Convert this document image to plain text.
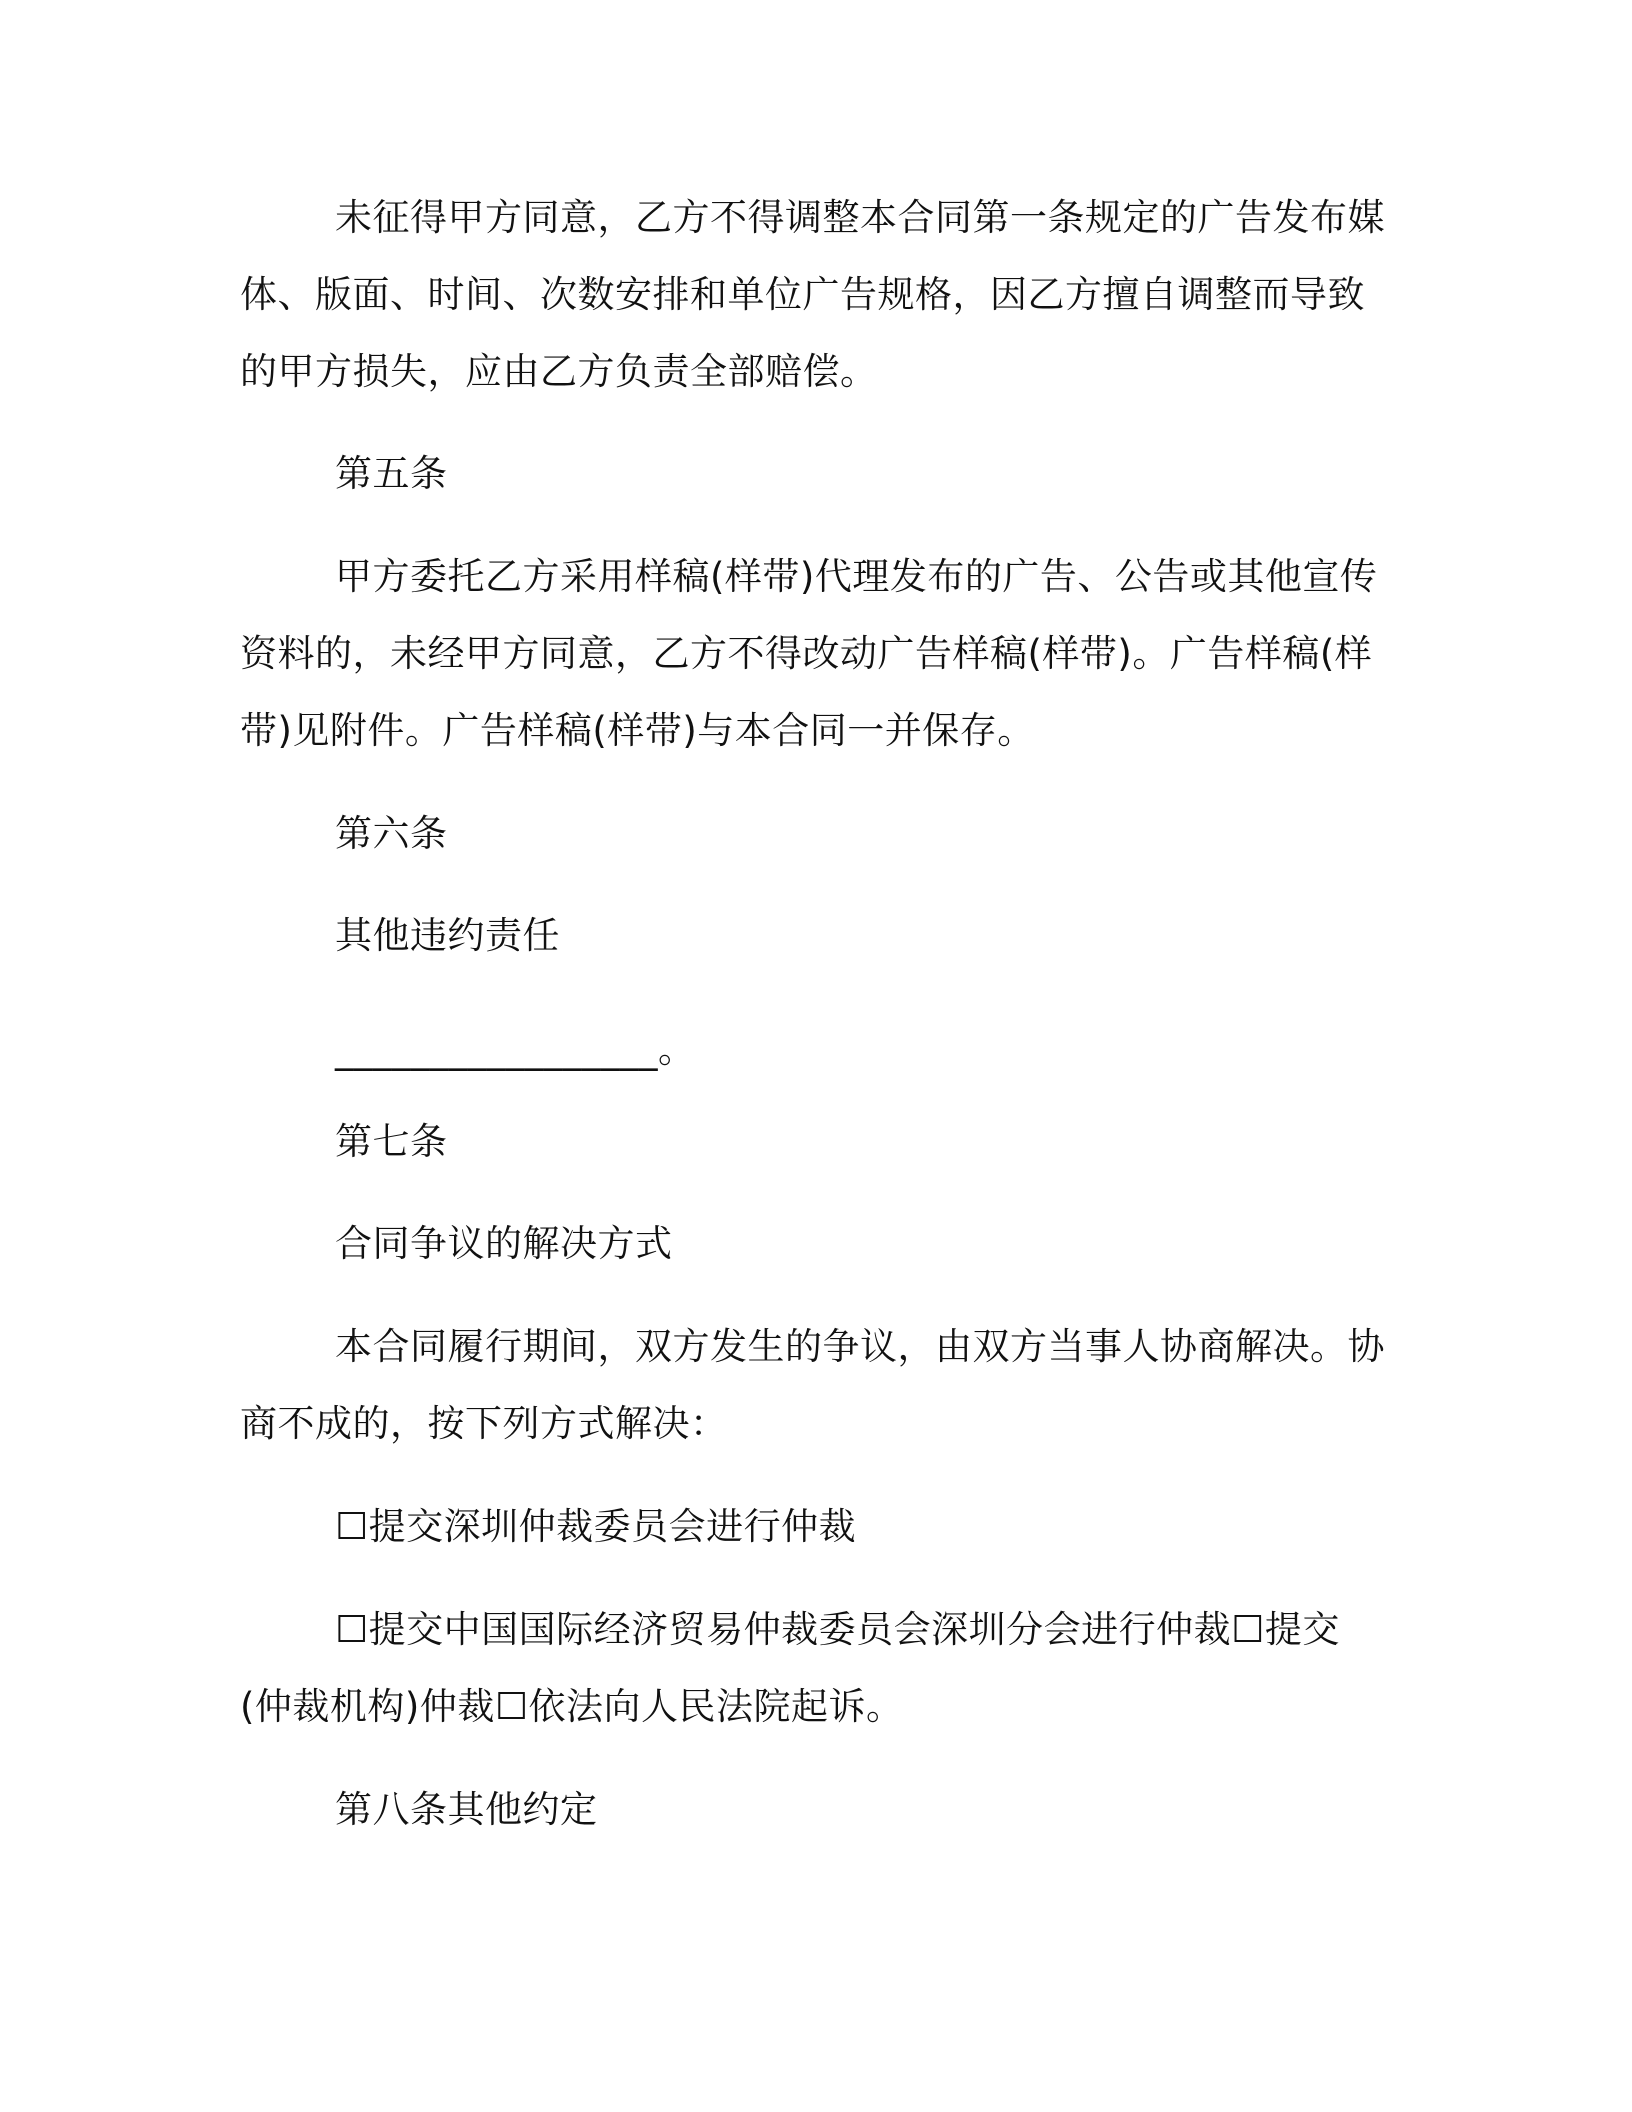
未征得甲方同意，乙方不得调整本合同第一条规定的广告发布媒
体、版面、时间、次数安排和单位广告规格，因乙方擅自调整而导致
的甲方损失，应由乙方负责全部赔偿。
第五条
甲方委托乙方采用样稿(样带)代理发布的广告、公告或其他宣传
资料的，未经甲方同意，乙方不得改动广告样稿(样带)。广告样稿(样
带)见附件。广告样稿(样带)与本合同一并保存。
第六条
其他违约责任
_________________。
第七条
合同争议的解决方式
本合同履行期间，双方发生的争议，由双方当事人协商解决。协
商不成的，按下列方式解决：
☐提交深圳仲裁委员会进行仲裁
☐提交中国国际经济贸易仲裁委员会深圳分会进行仲裁☐提交
(仲裁机构)仲裁☐依法向人民法院起诉。
第八条其他约定
